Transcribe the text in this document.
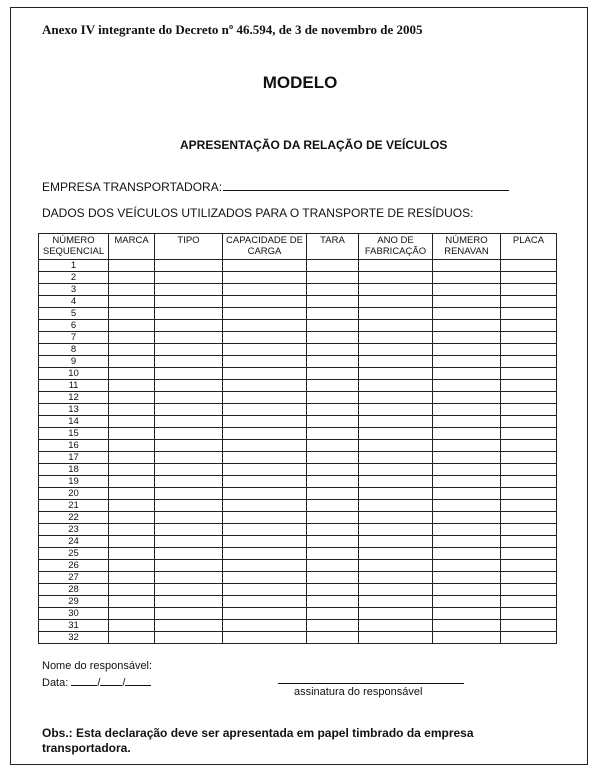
Anexo IV integrante do Decreto nº 46.594, de 3 de novembro de 2005
MODELO
APRESENTAÇÃO DA RELAÇÃO DE VEÍCULOS
EMPRESA TRANSPORTADORA:
DADOS DOS VEÍCULOS UTILIZADOS PARA O TRANSPORTE DE RESÍDUOS:
NÚMERO SEQUENCIAL	MARCA	TIPO	CAPACIDADE DE CARGA	TARA	ANO DE FABRICAÇÃO	NÚMERO RENAVAN	PLACA
1							
2							
3							
4							
5							
6							
7							
8							
9							
10							
11							
12							
13							
14							
15							
16							
17							
18							
19							
20							
21							
22							
23							
24							
25							
26							
27							
28							
29							
30							
31							
32							
Nome do responsável:
Data:	/ /
assinatura do responsável
Obs.: Esta declaração deve ser apresentada em papel timbrado da empresa transportadora.
